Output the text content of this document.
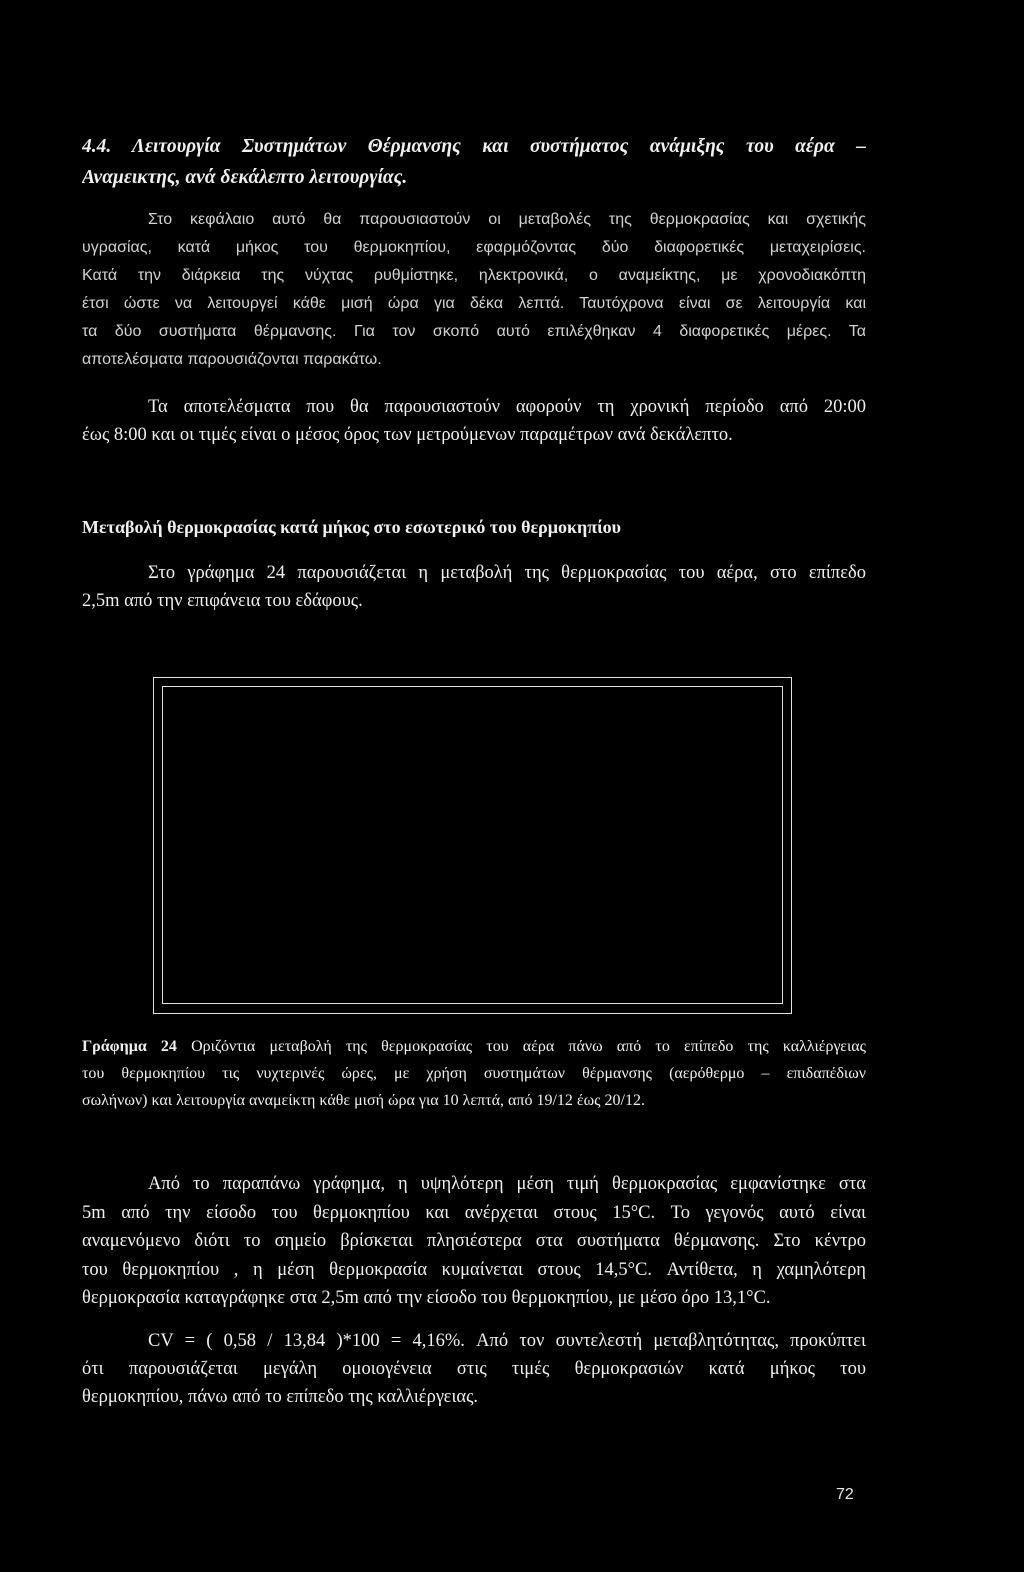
4.4. Λειτουργία Συστημάτων Θέρμανσης και συστήματος ανάμιξης του αέρα –
Αναμεικτης, ανά δεκάλεπτο λειτουργίας.
Στο κεφάλαιο αυτό θα παρουσιαστούν οι μεταβολές της θερμοκρασίας και σχετικής
υγρασίας, κατά μήκος του θερμοκηπίου, εφαρμόζοντας δύο διαφορετικές μεταχειρίσεις.
Κατά την διάρκεια της νύχτας ρυθμίστηκε, ηλεκτρονικά, ο αναμείκτης, με χρονοδιακόπτη
έτσι ώστε να λειτουργεί κάθε μισή ώρα για δέκα λεπτά. Ταυτόχρονα είναι σε λειτουργία και
τα δύο συστήματα θέρμανσης. Για τον σκοπό αυτό επιλέχθηκαν 4 διαφορετικές μέρες. Τα
αποτελέσματα παρουσιάζονται παρακάτω.
Τα αποτελέσματα που θα παρουσιαστούν αφορούν τη χρονική περίοδο από 20:00
έως 8:00 και οι τιμές είναι ο μέσος όρος των μετρούμενων παραμέτρων ανά δεκάλεπτο.
Μεταβολή θερμοκρασίας κατά μήκος στο εσωτερικό του θερμοκηπίου
Στο γράφημα 24 παρουσιάζεται η μεταβολή της θερμοκρασίας του αέρα, στο επίπεδο
2,5m από την επιφάνεια του εδάφους.
Γράφημα 24 Οριζόντια μεταβολή της θερμοκρασίας του αέρα πάνω από το επίπεδο της καλλιέργειας
του θερμοκηπίου τις νυχτερινές ώρες, με χρήση συστημάτων θέρμανσης (αερόθερμο – επιδαπέδιων
σωλήνων) και λειτουργία αναμείκτη κάθε μισή ώρα για 10 λεπτά, από 19/12 έως 20/12.
Από το παραπάνω γράφημα, η υψηλότερη μέση τιμή θερμοκρασίας εμφανίστηκε στα
5m από την είσοδο του θερμοκηπίου και ανέρχεται στους 15°C. Το γεγονός αυτό είναι
αναμενόμενο διότι το σημείο βρίσκεται πλησιέστερα στα συστήματα θέρμανσης. Στο κέντρο
του θερμοκηπίου , η μέση θερμοκρασία κυμαίνεται στους 14,5°C. Αντίθετα, η χαμηλότερη
θερμοκρασία καταγράφηκε στα 2,5m από την είσοδο του θερμοκηπίου, με μέσο όρο 13,1°C.
CV = ( 0,58 / 13,84 )*100 = 4,16%. Από τον συντελεστή μεταβλητότητας, προκύπτει
ότι παρουσιάζεται μεγάλη ομοιογένεια στις τιμές θερμοκρασιών κατά μήκος του
θερμοκηπίου, πάνω από το επίπεδο της καλλιέργειας.
72
